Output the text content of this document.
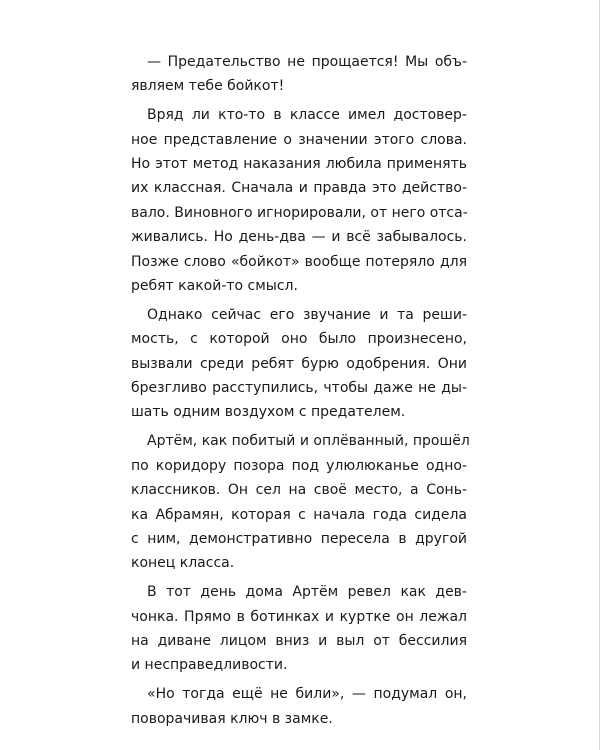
— Предательство не прощается! Мы объ-
являем тебе бойкот!

Вряд ли кто-то в классе имел достовер-
ное представление о значении этого слова.
Но этот метод наказания любила применять
их классная. Сначала и правда это действо-
вало. Виновного игнорировали, от него отса-
живались. Но день-два — и всё забывалось.
Позже слово «бойкот» вообще потеряло для
ребят какой-то смысл.

Однако сейчас его звучание и та реши-
мость, с которой оно было произнесено,
вызвали среди ребят бурю одобрения. Они
брезгливо расступились, чтобы даже не ды-
шать одним воздухом с предателем.

Артём, как побитый и оплёванный, прошёл
по коридору позора под улюлюканье одно-
классников. Он сел на своё место, а Сонь-
ка Абрамян, которая с начала года сидела
с ним, демонстративно пересела в другой
конец класса.

В тот день дома Артём ревел как дев-
чонка. Прямо в ботинках и куртке он лежал
на диване лицом вниз и выл от бессилия
и несправедливости.

«Но тогда ещё не били», — подумал он,
поворачивая ключ в замке.
